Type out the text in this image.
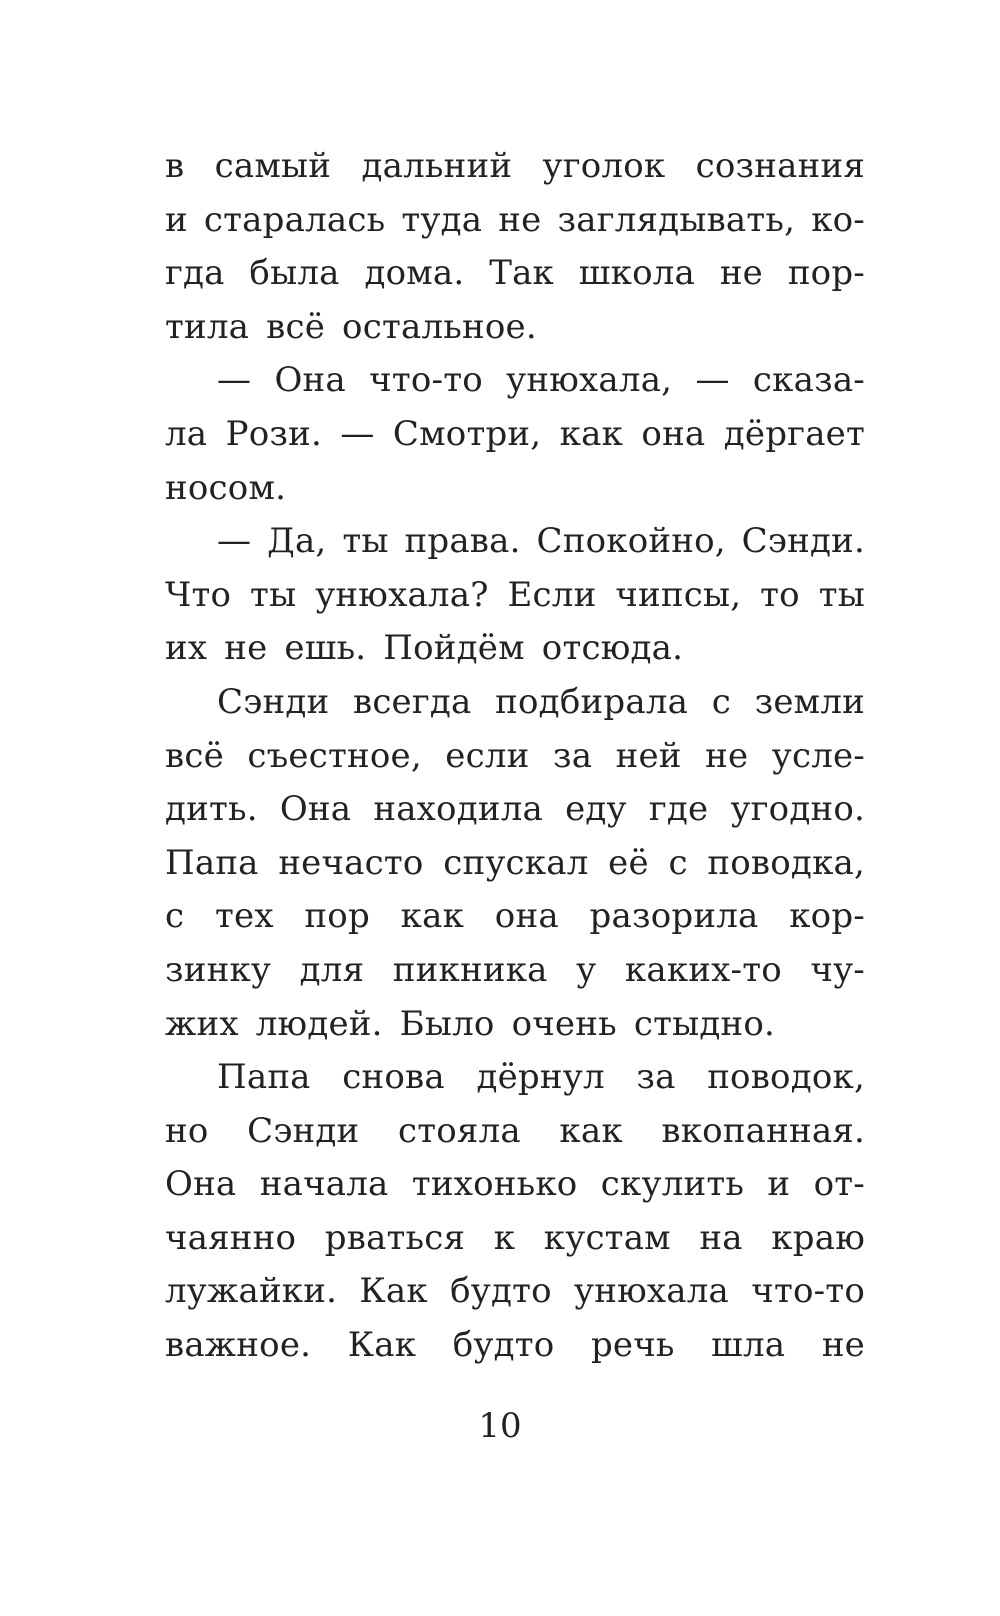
в самый дальний уголок сознания
и старалась туда не заглядывать, ко-
гда была дома. Так школа не пор-
тила всё остальное.
— Она что-то унюхала, — сказа-
ла Рози. — Смотри, как она дёргает
носом.
— Да, ты права. Спокойно, Сэнди.
Что ты унюхала? Если чипсы, то ты
их не ешь. Пойдём отсюда.
Сэнди всегда подбирала с земли
всё съестное, если за ней не усле-
дить. Она находила еду где угодно.
Папа нечасто спускал её с поводка,
с тех пор как она разорила кор-
зинку для пикника у каких-то чу-
жих людей. Было очень стыдно.
Папа снова дёрнул за поводок,
но Сэнди стояла как вкопанная.
Она начала тихонько скулить и от-
чаянно рваться к кустам на краю
лужайки. Как будто унюхала что-то
важное. Как будто речь шла не
10
